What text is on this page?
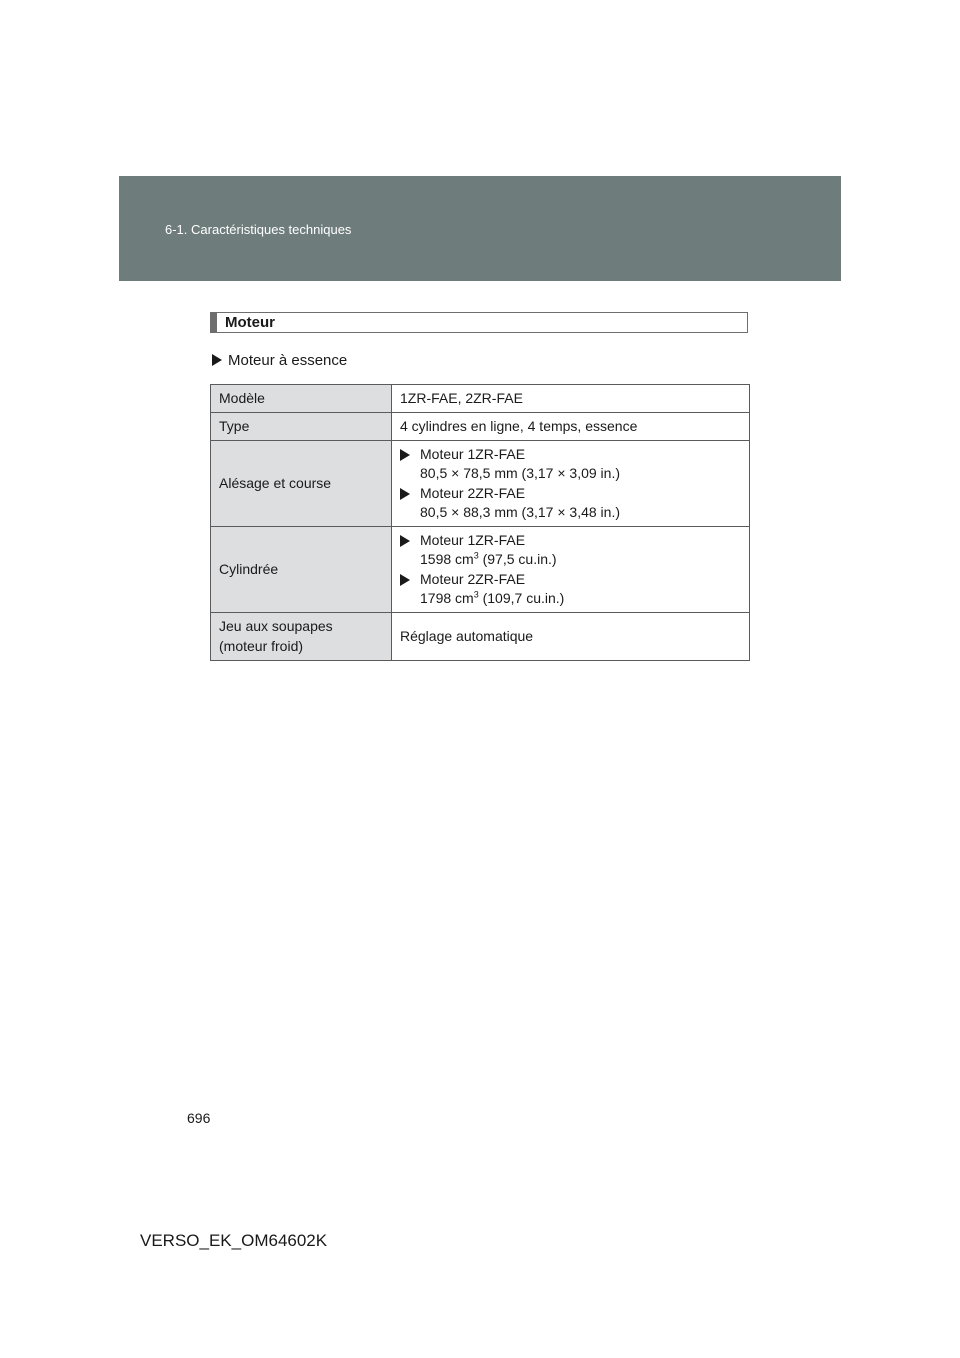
6-1. Caractéristiques techniques
Moteur
Moteur à essence
Modèle	1ZR-FAE, 2ZR-FAE
Type	4 cylindres en ligne, 4 temps, essence
Alésage et course	Moteur 1ZR-FAE
80,5 × 78,5 mm (3,17 × 3,09 in.)
Moteur 2ZR-FAE
80,5 × 88,3 mm (3,17 × 3,48 in.)

Cylindrée	Moteur 1ZR-FAE
1598 $cm^3$ (97,5 cu.in.)
Moteur 2ZR-FAE
1798 $cm^3$ (109,7 cu.in.)

Jeu aux soupapes
(moteur froid)	Réglage automatique
696
VERSO_EK_OM64602K
